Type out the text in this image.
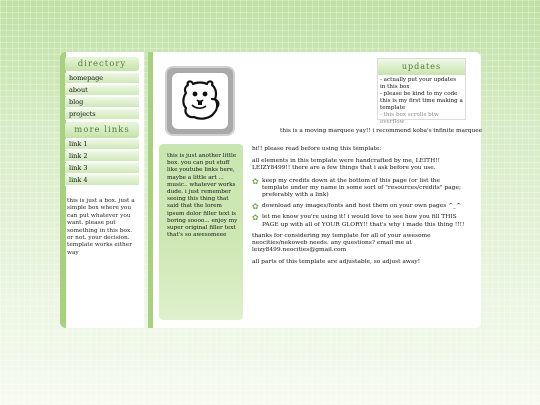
directory
homepage
about
blog
projects
more links
link 1
link 2
link 3
link 4
this is just a box. just a simple box where you can put whatever you want. please put something in this box. or not. your decision. template works either way
this is just another little box. you can put stuff like youtube links here, maybe a little art ... music.. whatever works dude. i just remember seeing this thing that said that the lorem ipsum dolor filler text is boring soooo... enjoy my super original filler text that's so awesomeee
updates
- actually put your updates in this box
- please be kind to my code this is my first time making a template
- this box scrolls btw overflow
this is a moving marquee yay!! i recommend koba's infinite marquee

hi!! please read before using this template:

all elements in this template were handcrafted by me, LEITH!! LEIZY8499!! there are a few things that i ask before you use.

✿ keep my credits down at the bottom of this page (or list the template under my name in some sort of "resources/credits" page; preferably with a link)
✿ download any images/fonts and host them on your own pages ^_^
✿ let me know you're using it! i would love to see how you fill THIS PAGE up with all of YOUR GLORY!! that's why i made this thing !!!!

thanks for considering my template for all of your awesome neocities/nekoweb needs. any questions? email me at leizy8499.neocities@gmail.com

all parts of this template are adjustable, so adjust away!
